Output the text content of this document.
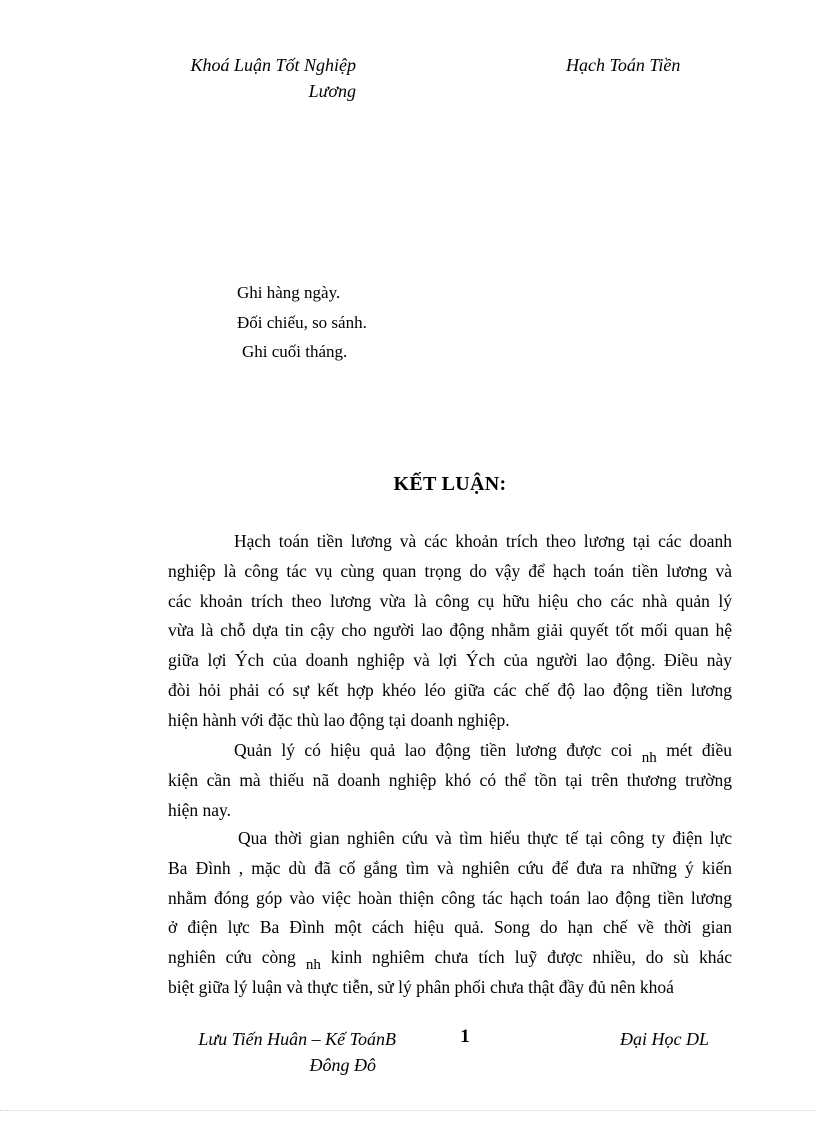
Khoá Luận Tốt Nghiệp
Lương
Hạch Toán Tiền
Ghi hàng ngày.
Đối chiếu, so sánh.
Ghi cuối tháng.
KẾT LUẬN:
Hạch toán tiền lương và các khoản trích theo lương tại các doanh
nghiệp là công tác vụ cùng quan trọng do vậy để hạch toán tiền lương và
các khoản trích theo lương vừa là công cụ hữu hiệu cho các nhà quản lý
vừa là chỗ dựa tin cậy cho người lao động nhằm giải quyết tốt mối quan hệ
giữa lợi Ých của doanh nghiệp và lợi Ých của người lao động. Điều này
đòi hỏi phải có sự kết hợp khéo léo giữa các chế độ lao động tiền lương
hiện hành với đặc thù lao động tại doanh nghiệp.
Quản lý có hiệu quả lao động tiền lương được coi nh mét điều
kiện cần mà thiếu nã doanh nghiệp khó có thể tồn tại trên thương trường
hiện nay.
Qua thời gian nghiên cứu và tìm hiểu thực tế tại công ty điện lực
Ba Đình , mặc dù đã cố gắng tìm và nghiên cứu để đưa ra những ý kiến
nhằm đóng góp vào việc hoàn thiện công tác hạch toán lao động tiền lương
ở điện lực Ba Đình một cách hiệu quả. Song do hạn chế về thời gian
nghiên cứu còng nh kinh nghiêm chưa tích luỹ được nhiều, do sù khác
biệt giữa lý luận và thực tiễn, sử lý phân phối chưa thật đầy đủ nên khoá
Lưu Tiến Huân – Kế ToánB
Đông Đô
1	Đại Học DL
